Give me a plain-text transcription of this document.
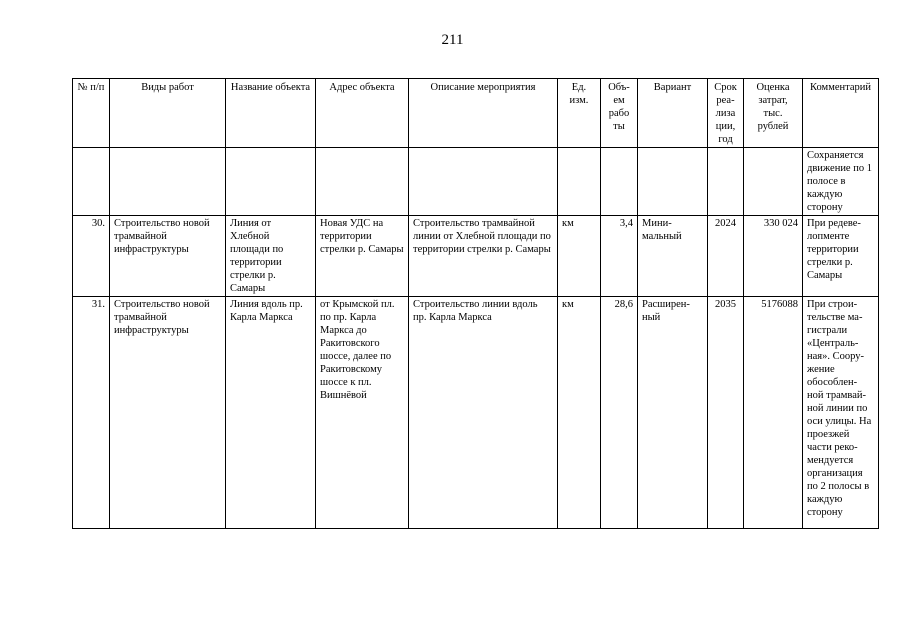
211
№ п/п	Виды работ	Название объекта	Адрес объекта	Описание мероприятия	Ед. изм.	Объ- ем рабо ты	Вариант	Срок реа- лиза ции, год	Оценка затрат, тыс. рублей	Комментарий
										Сохраняется движение по 1 полосе в каждую сторону
30.	Строительство новой трамвайной инфраструктуры	Линия от Хлебной площади по территории стрелки р. Самары	Новая УДС на территории стрелки р. Самары	Строительство трамвайной линии от Хлебной площади по территории стрелки р. Самары	км	3,4	Мини- мальный	2024	330 024	При редеве- лопменте территории стрелки р. Самары
31.	Строительство новой трамвайной инфраструктуры	Линия вдоль пр. Карла Маркса	от Крымской пл. по пр. Карла Маркса до Ракитовского шоссе, далее по Ракитовскому шоссе к пл. Вишнёвой	Строительство линии вдоль пр. Карла Маркса	км	28,6	Расширен- ный	2035	5176088	При строи- тельстве ма- гистрали «Централь- ная». Соору- жение обособлен- ной трамвай- ной линии по оси улицы. На проезжей части реко- мендуется организация по 2 полосы в каждую сторону
